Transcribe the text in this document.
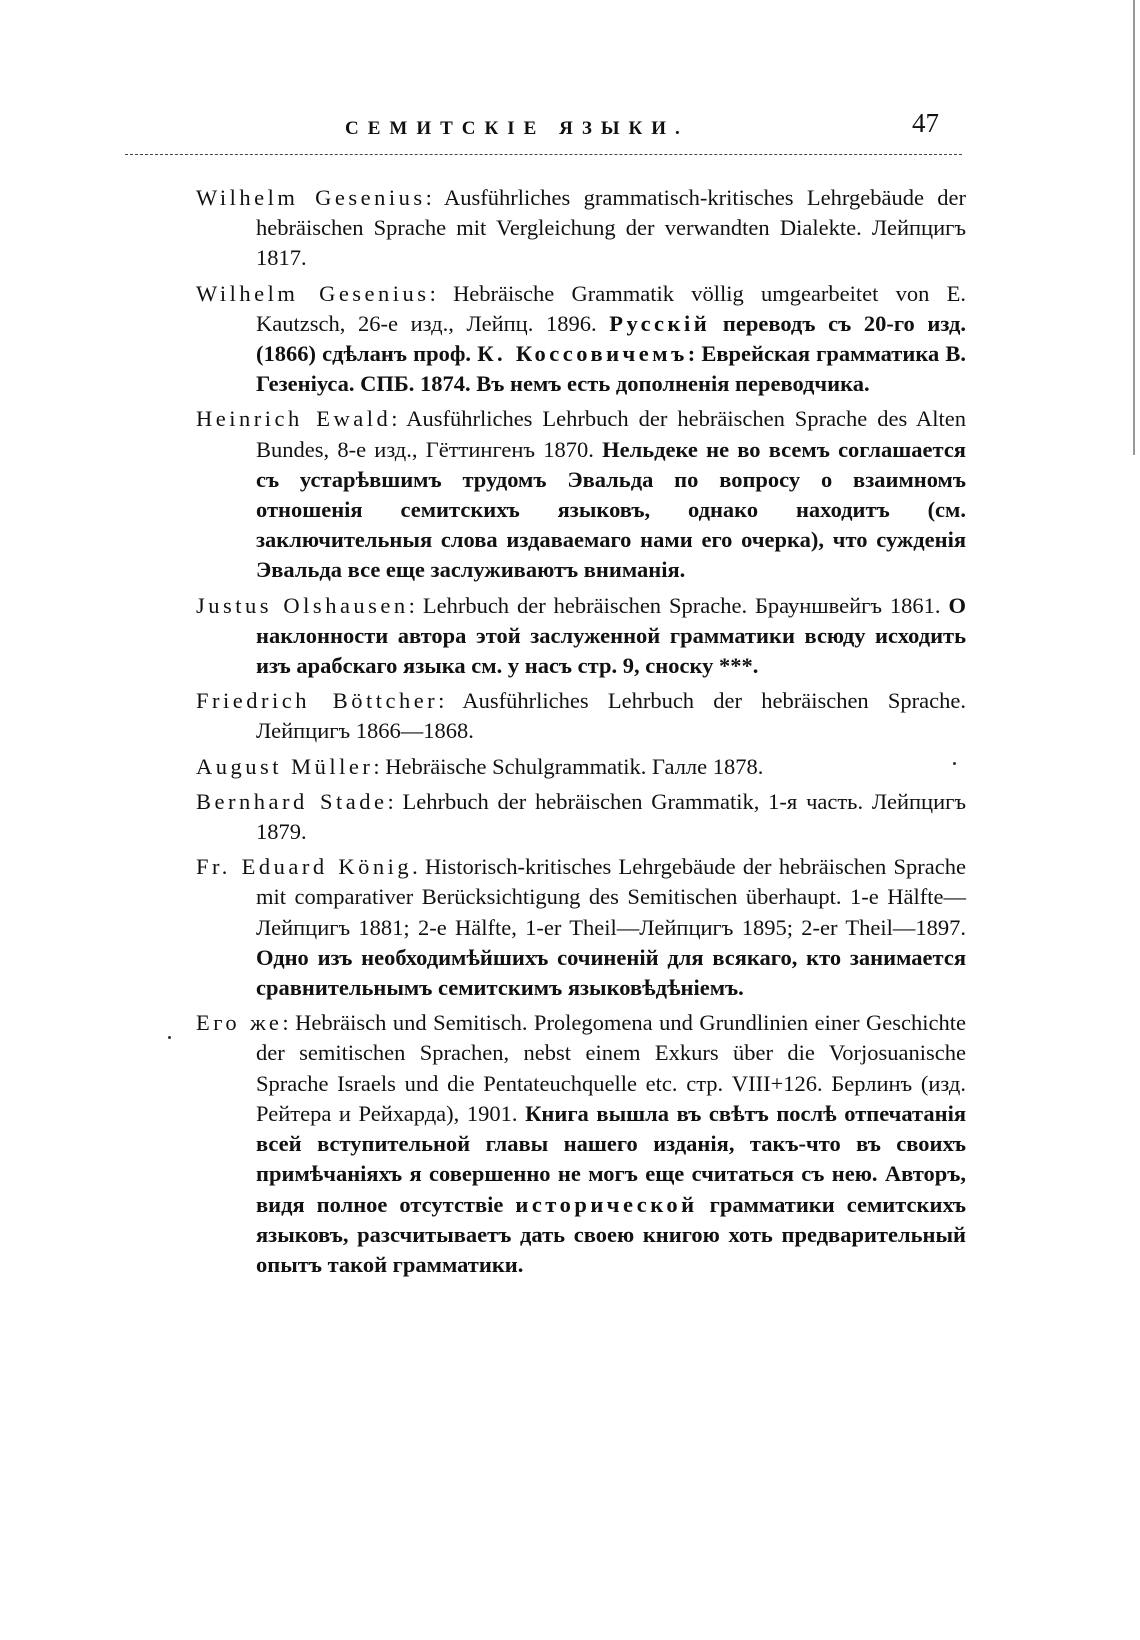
СЕМИТСКІЕ ЯЗЫКИ.	47

Wilhelm Gesenius: Ausführliches grammatisch-kritisches Lehrgebäude der hebräischen Sprache mit Vergleichung der verwandten Dialekte. Лейпцигъ 1817.

Wilhelm Gesenius: Hebräische Grammatik völlig umgearbeitet von E. Kautzsch, 26-е изд., Лейпц. 1896. Русскій переводъ съ 20-го изд. (1866) сдѣланъ проф. К. Коссовичемъ: Еврейская грамматика В. Гезеніуса. СПБ. 1874. Въ немъ есть дополненія переводчика.

Heinrich Ewald: Ausführliches Lehrbuch der hebräischen Sprache des Alten Bundes, 8-е изд., Гёттингенъ 1870. Нельдеке не во всемъ соглашается съ устарѣвшимъ трудомъ Эвальда по вопросу о взаимномъ отношенія семитскихъ языковъ, однако находитъ (см. заключительныя слова издаваемаго нами его очерка), что сужденія Эвальда все еще заслуживаютъ вниманія.

Justus Olshausen: Lehrbuch der hebräischen Sprache. Брауншвейгъ 1861. О наклонности автора этой заслуженной грамматики всюду исходить изъ арабскаго языка см. у насъ стр. 9, сноску ***.

Friedrich Böttcher: Ausführliches Lehrbuch der hebräischen Sprache. Лейпцигъ 1866—1868.

August Müller: Hebräische Schulgrammatik. Галле 1878.

Bernhard Stade: Lehrbuch der hebräischen Grammatik, 1-я часть. Лейпцигъ 1879.

Fr. Eduard König. Historisch-kritisches Lehrgebäude der hebräischen Sprache mit comparativer Berücksichtigung des Semitischen überhaupt. 1-е Hälfte—Лейпцигъ 1881; 2-е Hälfte, 1-er Theil—Лейпцигъ 1895; 2-er Theil—1897. Одно изъ необходимѣйшихъ сочиненій для всякаго, кто занимается сравнительнымъ семитскимъ языковѣдѣніемъ.

Его же: Hebräisch und Semitisch. Prolegomena und Grundlinien einer Geschichte der semitischen Sprachen, nebst einem Exkurs über die Vorjosuanische Sprache Israels und die Pentateuchquelle etc. стр. VIII+126. Берлинъ (изд. Рейтера и Рейхарда), 1901. Книга вышла въ свѣтъ послѣ отпечатанія всей вступительной главы нашего изданія, такъ-что въ своихъ примѣчаніяхъ я совершенно не могъ еще считаться съ нею. Авторъ, видя полное отсутствіе исторической грамматики семитскихъ языковъ, разсчитываетъ дать своею книгою хоть предварительный опытъ такой грамматики.
